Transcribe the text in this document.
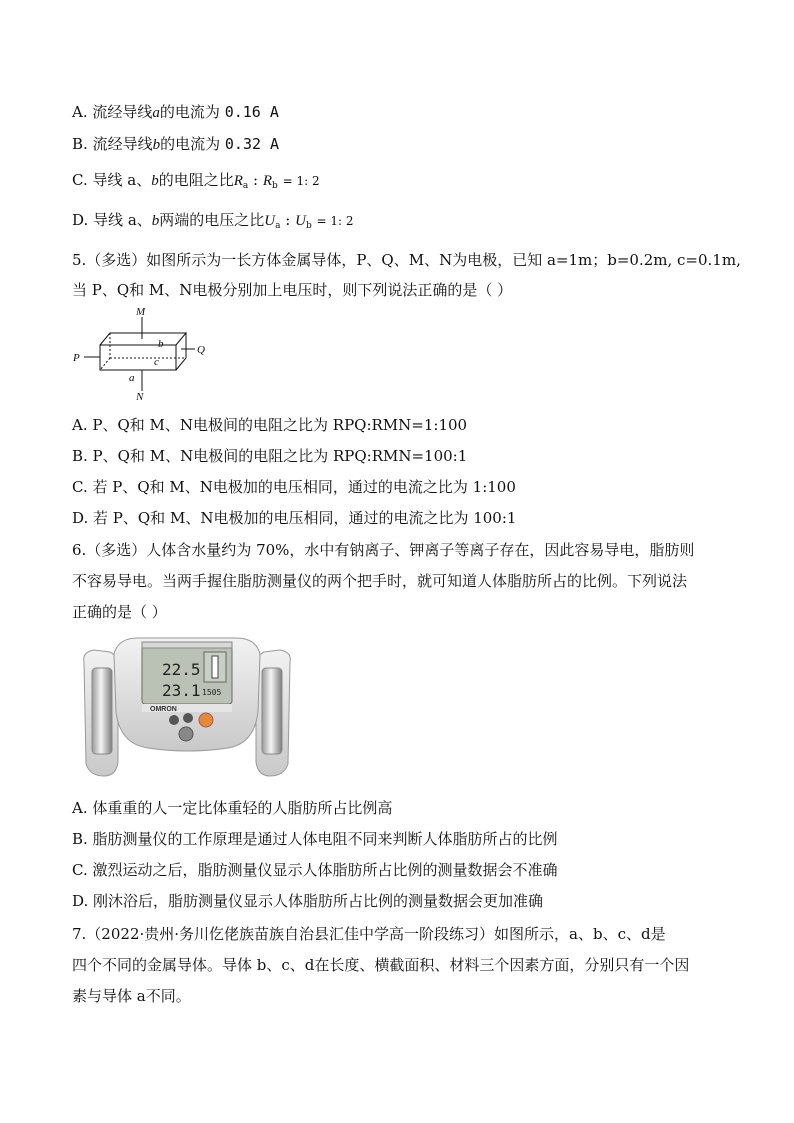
A. 流经导线a的电流为 0.16 A
B. 流经导线b的电流为 0.32 A
C. 导线 a、b的电阻之比$R_a$ : $R_b = 1$: 2
D. 导线 a、b两端的电压之比$U_a$ : $U_b = 1$: 2
5.（多选）如图所示为一长方体金属导体，P、Q、M、N为电极，已知 a=1m；b=0.2m, c=0.1m,
当 P、Q和 M、N电极分别加上电压时，则下列说法正确的是（ ）
M
N
P
Q
a
b
c
A. P、Q和 M、N电极间的电阻之比为 RPQ:RMN=1:100
B. P、Q和 M、N电极间的电阻之比为 RPQ:RMN=100:1
C. 若 P、Q和 M、N电极加的电压相同，通过的电流之比为 1:100
D. 若 P、Q和 M、N电极加的电压相同，通过的电流之比为 100:1
6.（多选）人体含水量约为 70%，水中有钠离子、钾离子等离子存在，因此容易导电，脂肪则
不容易导电。当两手握住脂肪测量仪的两个把手时，就可知道人体脂肪所占的比例。下列说法
正确的是（ ）
22.5
23.1 1505
OMRON
A. 体重重的人一定比体重轻的人脂肪所占比例高
B. 脂肪测量仪的工作原理是通过人体电阻不同来判断人体脂肪所占的比例
C. 激烈运动之后，脂肪测量仪显示人体脂肪所占比例的测量数据会不准确
D. 刚沐浴后，脂肪测量仪显示人体脂肪所占比例的测量数据会更加准确
7.（2022·贵州·务川仡佬族苗族自治县汇佳中学高一阶段练习）如图所示，a、b、c、d是
四个不同的金属导体。导体 b、c、d在长度、横截面积、材料三个因素方面，分别只有一个因
素与导体 a不同。
